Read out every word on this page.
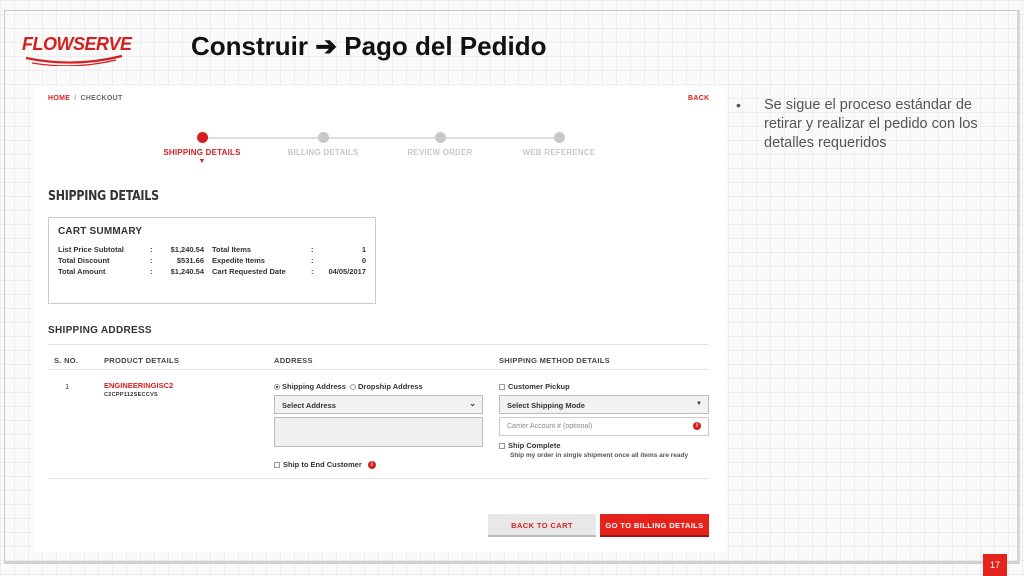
FLOWSERVE Construir ➔ Pago del Pedido
HOME / CHECKOUT	BACK
SHIPPING DETAILS
▼
BILLING DETAILS	REVIEW ORDER	WEB REFERENCE
SHIPPING DETAILS
CART SUMMARY
List Price Subtotal	:	$1,240.54 Total Items	:	1
Total Discount	:	$531.66 Expedite Items	:	0
Total Amount	:	$1,240.54 Cart Requested Date	:	04/05/2017
SHIPPING ADDRESS
S. NO.	PRODUCT DETAILS	ADDRESS	SHIPPING METHOD DETAILS
1	ENGINEERINGISC2
C2CPP112SECCVS
Shipping Address Dropship Address
Select Address	⌄
Ship to End Customer i
Customer Pickup
Select Shipping Mode	▼
Carrier Account # (optional)	i
Ship Complete
Ship my order in single shipment once all items are ready
BACK TO CART	GO TO BILLING DETAILS
• Se sigue el proceso estándar de retirar y realizar el pedido con los detalles requeridos
17
